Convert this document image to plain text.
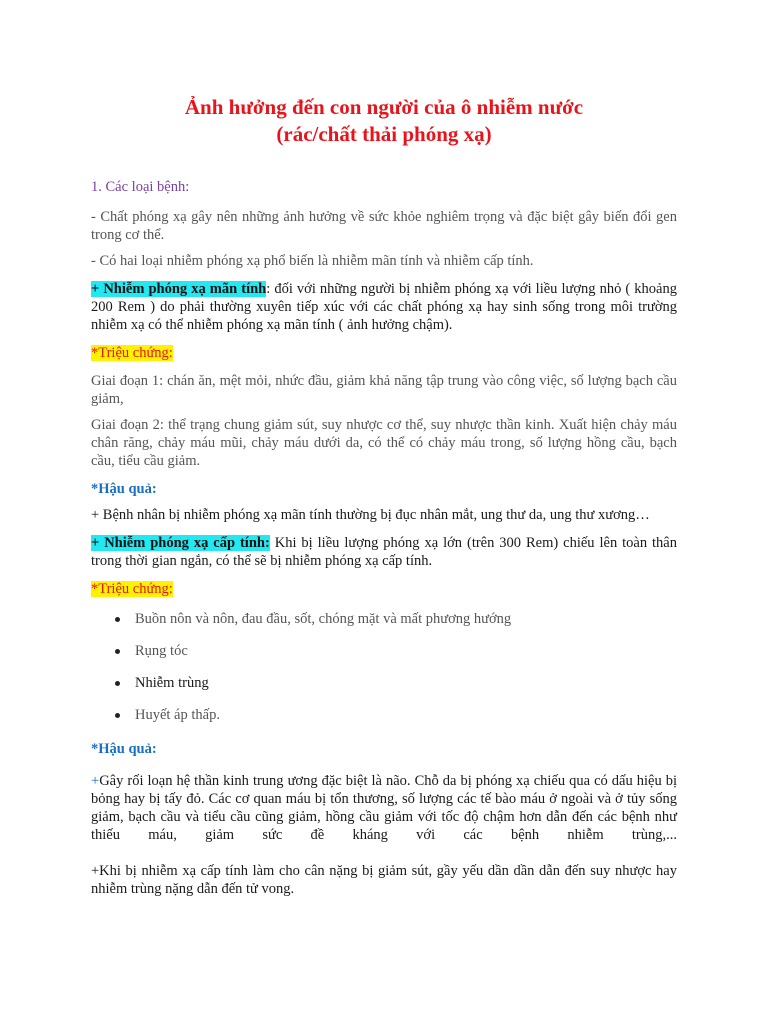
Ảnh hưởng đến con người của ô nhiễm nước
(rác/chất thải phóng xạ)

1. Các loại bệnh:

- Chất phóng xạ gây nên những ảnh hưởng về sức khỏe nghiêm trọng và đặc biệt gây biến đổi gen trong cơ thể.

- Có hai loại nhiễm phóng xạ phổ biến là nhiễm mãn tính và nhiễm cấp tính.

+ Nhiễm phóng xạ mãn tính: đối với những người bị nhiễm phóng xạ với liều lượng nhỏ ( khoảng 200 Rem ) do phải thường xuyên tiếp xúc với các chất phóng xạ hay sinh sống trong môi trường nhiễm xạ có thể nhiễm phóng xạ mãn tính ( ảnh hưởng chậm).

*Triệu chứng:

Giai đoạn 1: chán ăn, mệt mỏi, nhức đầu, giảm khả năng tập trung vào công việc, số lượng bạch cầu giảm,

Giai đoạn 2: thể trạng chung giảm sút, suy nhược cơ thể, suy nhược thần kinh. Xuất hiện chảy máu chân răng, chảy máu mũi, chảy máu dưới da, có thể có chảy máu trong, số lượng hồng cầu, bạch cầu, tiểu cầu giảm.

*Hậu quả:

+ Bệnh nhân bị nhiễm phóng xạ mãn tính thường bị đục nhân mắt, ung thư da, ung thư xương…

+ Nhiễm phóng xạ cấp tính: Khi bị liều lượng phóng xạ lớn (trên 300 Rem) chiếu lên toàn thân trong thời gian ngắn, có thể sẽ bị nhiễm phóng xạ cấp tính.

*Triệu chứng:

Buồn nôn và nôn, đau đầu, sốt, chóng mặt và mất phương hướng
Rụng tóc
Nhiễm trùng
Huyết áp thấp.

*Hậu quả:

+Gây rối loạn hệ thần kinh trung ương đặc biệt là não. Chỗ da bị phóng xạ chiếu qua có dấu hiệu bị bỏng hay bị tấy đỏ. Các cơ quan máu bị tổn thương, số lượng các tế bào máu ở ngoài và ở tủy sống giảm, bạch cầu và tiểu cầu cũng giảm, hồng cầu giảm với tốc độ chậm hơn dẫn đến các bệnh như thiếu máu, giảm sức đề kháng với các bệnh nhiễm trùng,...

+Khi bị nhiễm xạ cấp tính làm cho cân nặng bị giảm sút, gầy yếu dần dần dẫn đến suy nhược hay nhiễm trùng nặng dẫn đến tử vong.
